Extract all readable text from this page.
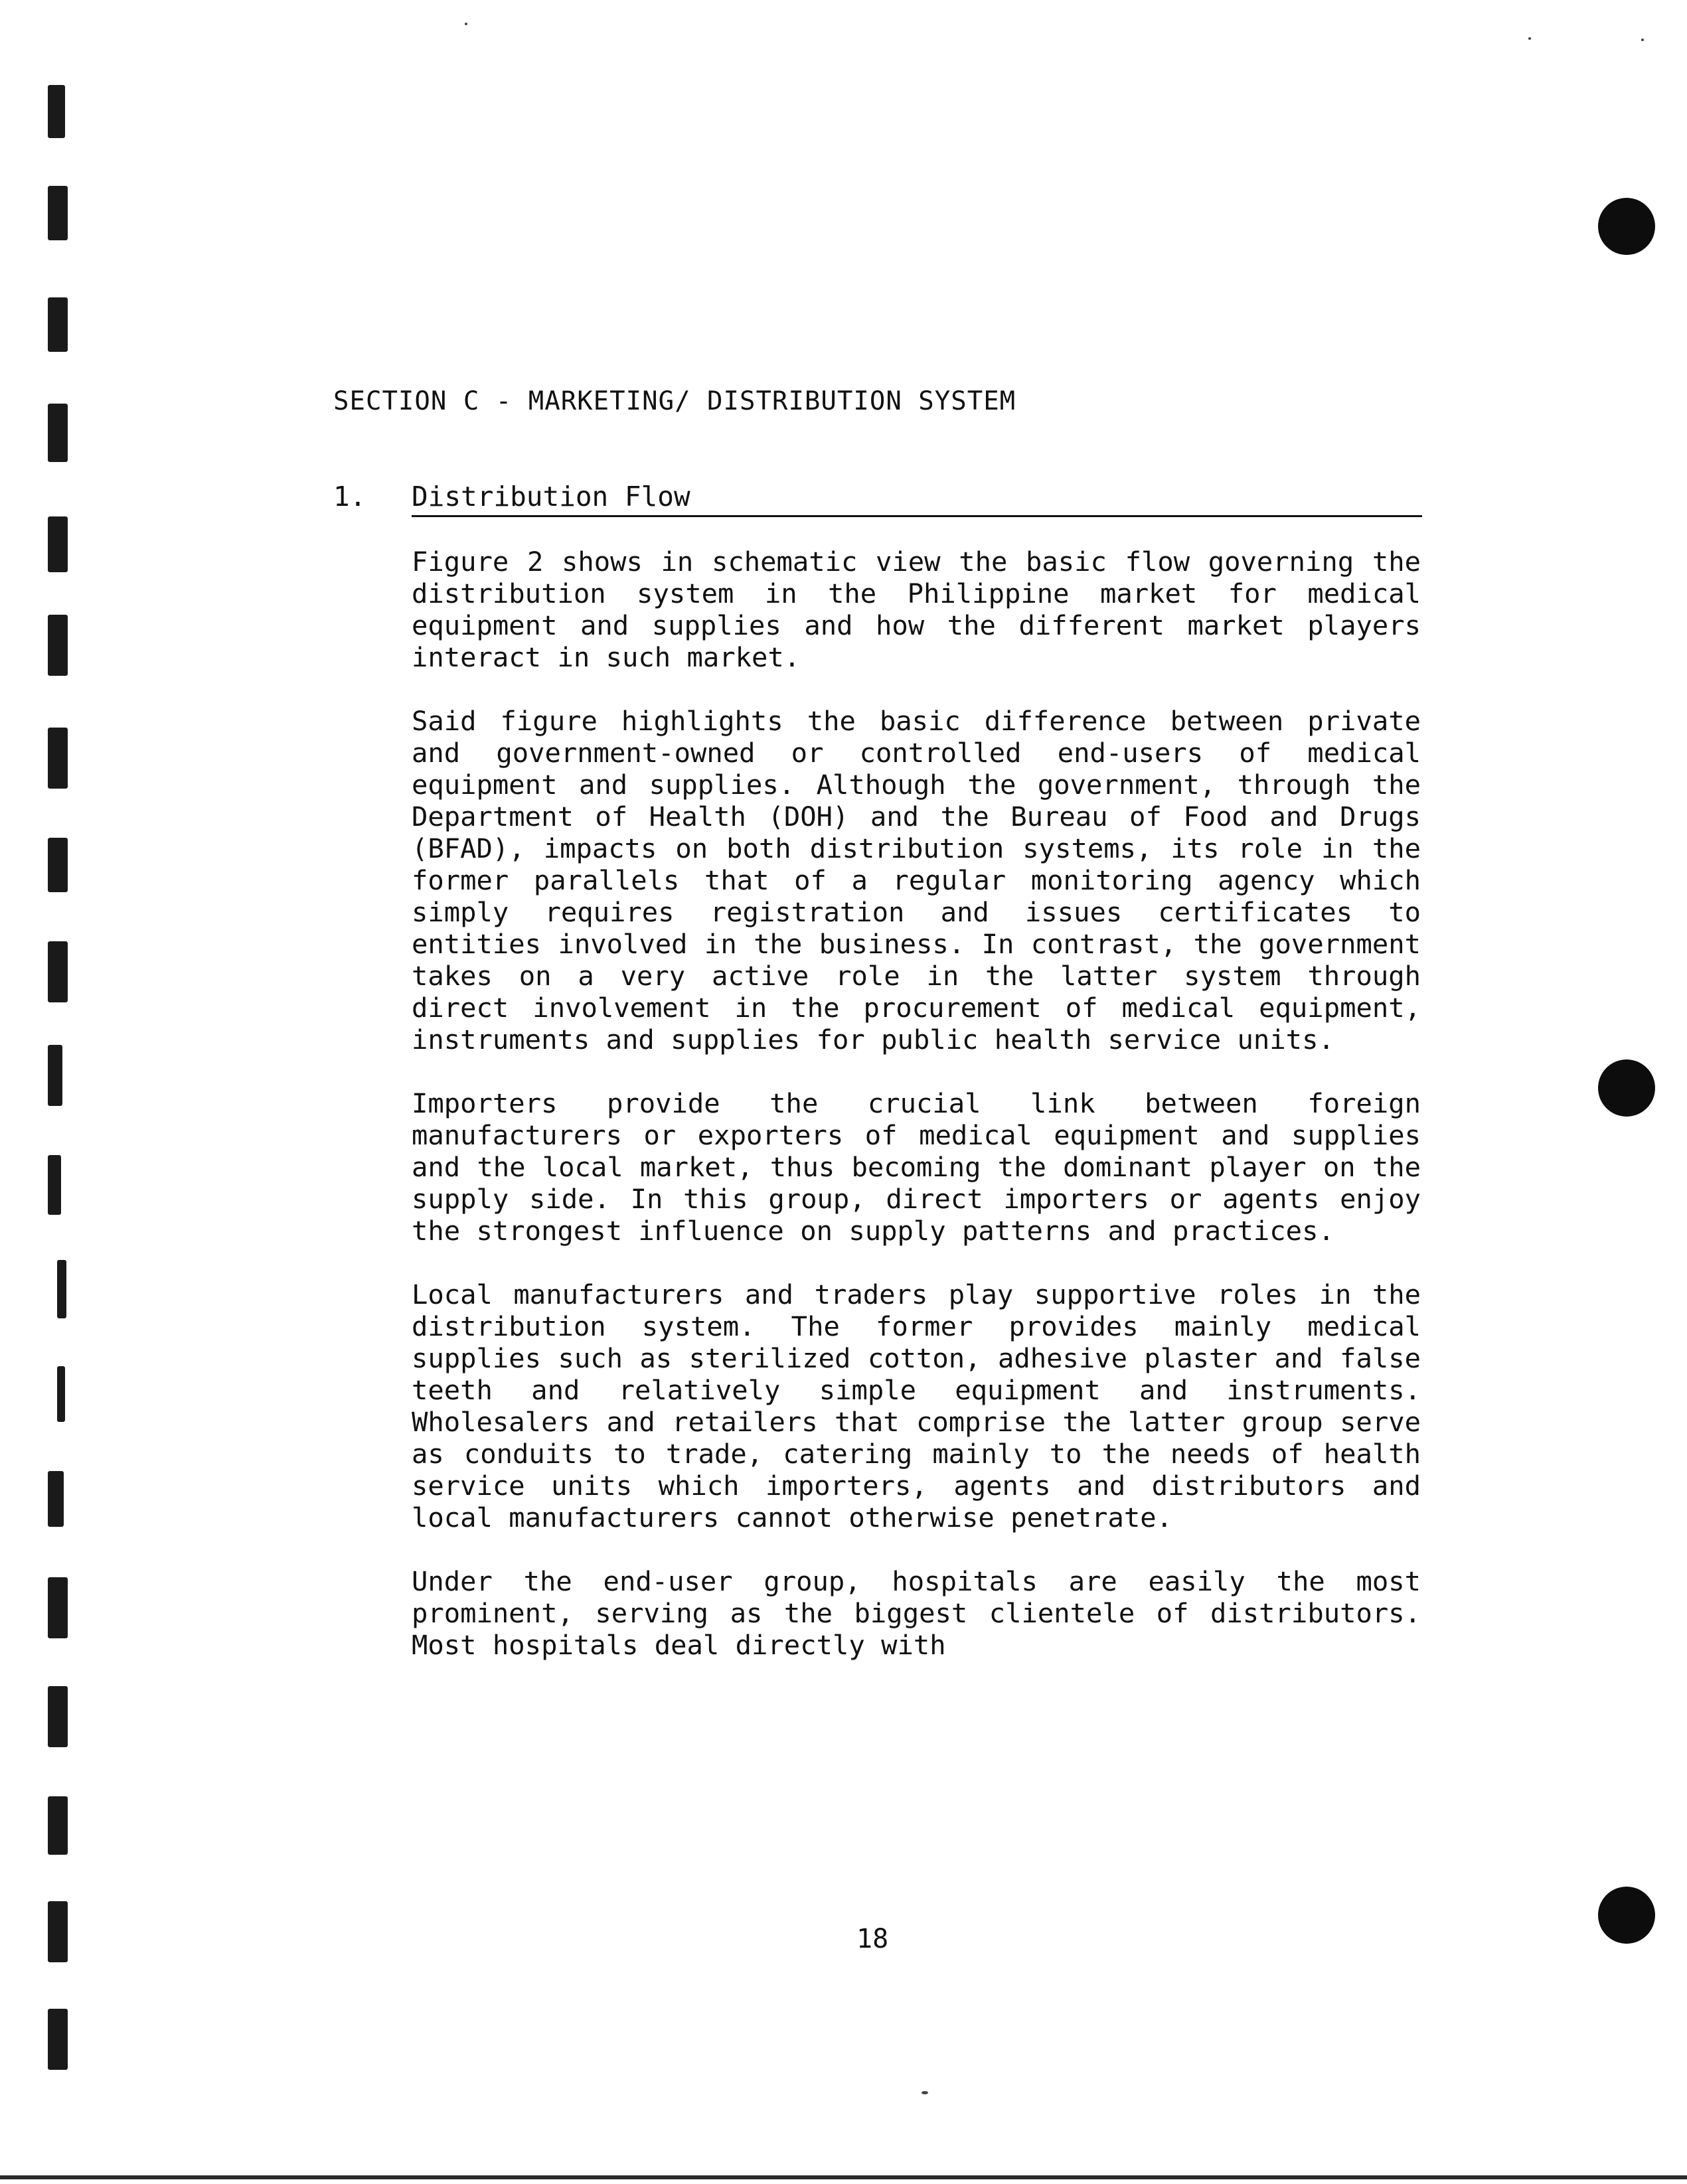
SECTION C - MARKETING/ DISTRIBUTION SYSTEM
1. Distribution Flow

Figure 2 shows in schematic view the basic flow governing the distribution system in the Philippine market for medical equipment and supplies and how the different market players interact in such market.

Said figure highlights the basic difference between private and government-owned or controlled end-users of medical equipment and supplies. Although the government, through the Department of Health (DOH) and the Bureau of Food and Drugs (BFAD), impacts on both distribution systems, its role in the former parallels that of a regular monitoring agency which simply requires registration and issues certificates to entities involved in the business. In contrast, the government takes on a very active role in the latter system through direct involvement in the procurement of medical equipment, instruments and supplies for public health service units.

Importers provide the crucial link between foreign manufacturers or exporters of medical equipment and supplies and the local market, thus becoming the dominant player on the supply side. In this group, direct importers or agents enjoy the strongest influence on supply patterns and practices.

Local manufacturers and traders play supportive roles in the distribution system. The former provides mainly medical supplies such as sterilized cotton, adhesive plaster and false teeth and relatively simple equipment and instruments. Wholesalers and retailers that comprise the latter group serve as conduits to trade, catering mainly to the needs of health service units which importers, agents and distributors and local manufacturers cannot otherwise penetrate.

Under the end-user group, hospitals are easily the most prominent, serving as the biggest clientele of distributors. Most hospitals deal directly with

18
